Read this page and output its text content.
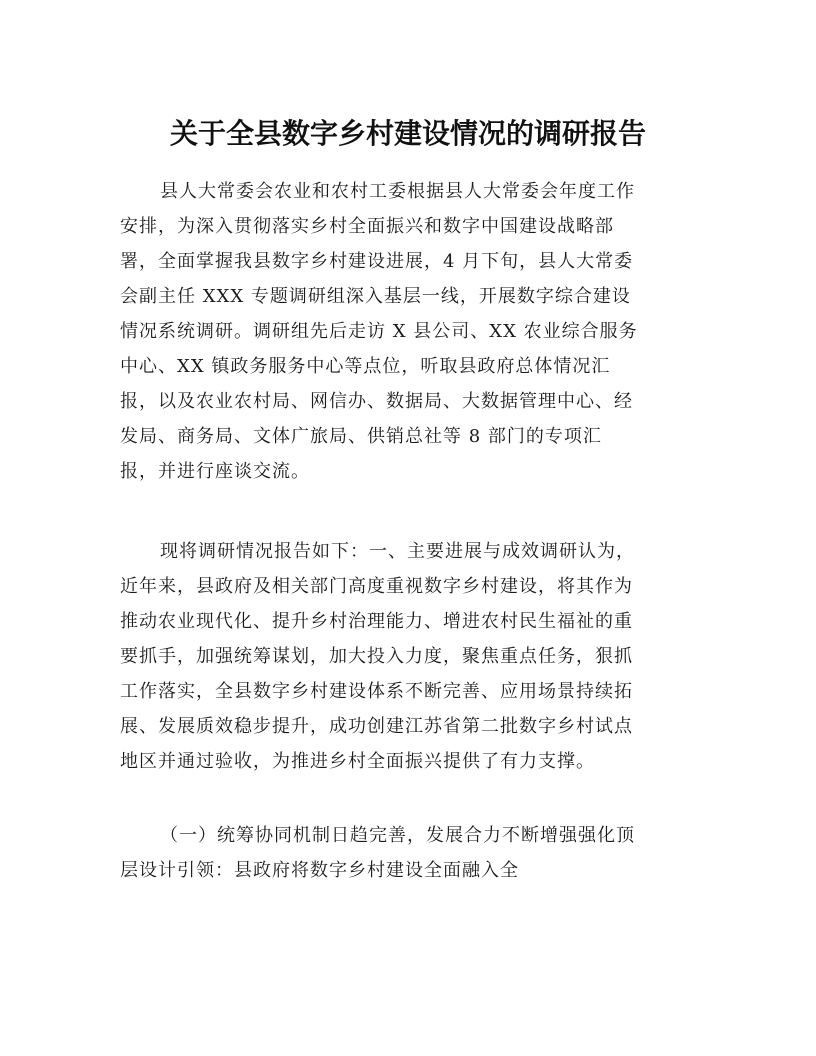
关于全县数字乡村建设情况的调研报告
县人大常委会农业和农村工委根据县人大常委会年度工作
安排，为深入贯彻落实乡村全面振兴和数字中国建设战略部
署，全面掌握我县数字乡村建设进展，4 月下旬，县人大常委
会副主任 XXX 专题调研组深入基层一线，开展数字综合建设
情况系统调研。调研组先后走访 X 县公司、XX 农业综合服务
中心、XX 镇政务服务中心等点位，听取县政府总体情况汇
报，以及农业农村局、网信办、数据局、大数据管理中心、经
发局、商务局、文体广旅局、供销总社等 8 部门的专项汇
报，并进行座谈交流。
现将调研情况报告如下：一、主要进展与成效调研认为，
近年来，县政府及相关部门高度重视数字乡村建设，将其作为
推动农业现代化、提升乡村治理能力、增进农村民生福祉的重
要抓手，加强统筹谋划，加大投入力度，聚焦重点任务，狠抓
工作落实，全县数字乡村建设体系不断完善、应用场景持续拓
展、发展质效稳步提升，成功创建江苏省第二批数字乡村试点
地区并通过验收，为推进乡村全面振兴提供了有力支撑。
（一）统筹协同机制日趋完善，发展合力不断增强强化顶
层设计引领：县政府将数字乡村建设全面融入全
